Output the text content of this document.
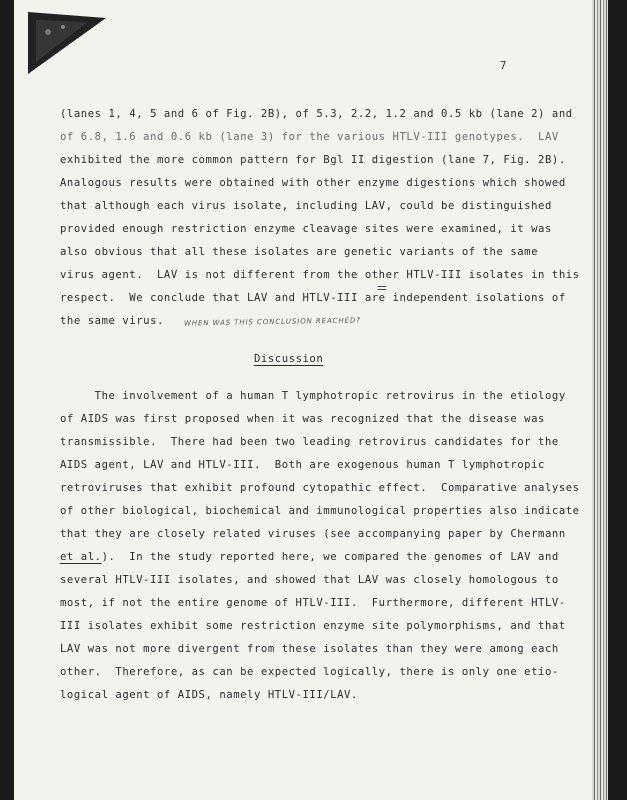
7
(lanes 1, 4, 5 and 6 of Fig. 2B), of 5.3, 2.2, 1.2 and 0.5 kb (lane 2) and
of 6.8, 1.6 and 0.6 kb (lane 3) for the various HTLV-III genotypes.  LAV
exhibited the more common pattern for Bgl II digestion (lane 7, Fig. 2B).
Analogous results were obtained with other enzyme digestions which showed
that although each virus isolate, including LAV, could be distinguished
provided enough restriction enzyme cleavage sites were examined, it was
also obvious that all these isolates are genetic variants of the same
virus agent.  LAV is not different from the other HTLV-III isolates in this
respect.  We conclude that LAV and HTLV-III are independent isolations of
the same virus.	WHEN WAS THIS CONCLUSION REACHED?
Discussion
The involvement of a human T lymphotropic retrovirus in the etiology
of AIDS was first proposed when it was recognized that the disease was
transmissible.  There had been two leading retrovirus candidates for the
AIDS agent, LAV and HTLV-III.  Both are exogenous human T lymphotropic
retroviruses that exhibit profound cytopathic effect.  Comparative analyses
of other biological, biochemical and immunological properties also indicate
that they are closely related viruses (see accompanying paper by Chermann
et al.).  In the study reported here, we compared the genomes of LAV and
several HTLV-III isolates, and showed that LAV was closely homologous to
most, if not the entire genome of HTLV-III.  Furthermore, different HTLV-
III isolates exhibit some restriction enzyme site polymorphisms, and that
LAV was not more divergent from these isolates than they were among each
other.  Therefore, as can be expected logically, there is only one etio-
logical agent of AIDS, namely HTLV-III/LAV.
